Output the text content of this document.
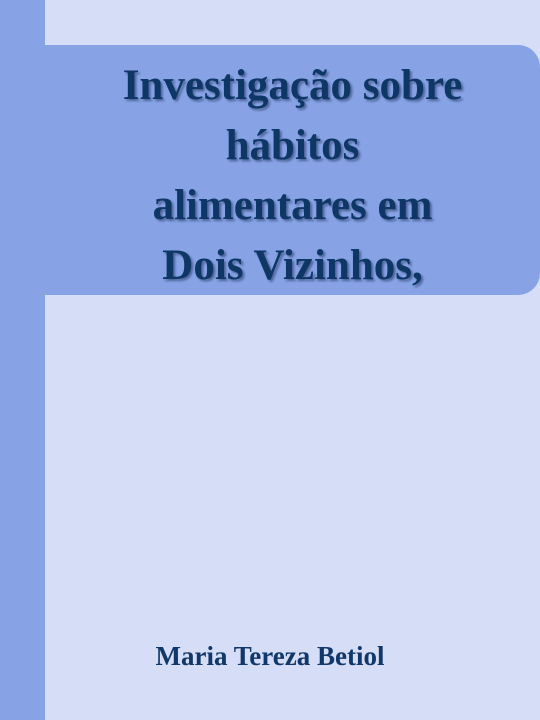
Investigação sobre
hábitos
alimentares em
Dois Vizinhos,
Maria Tereza Betiol
